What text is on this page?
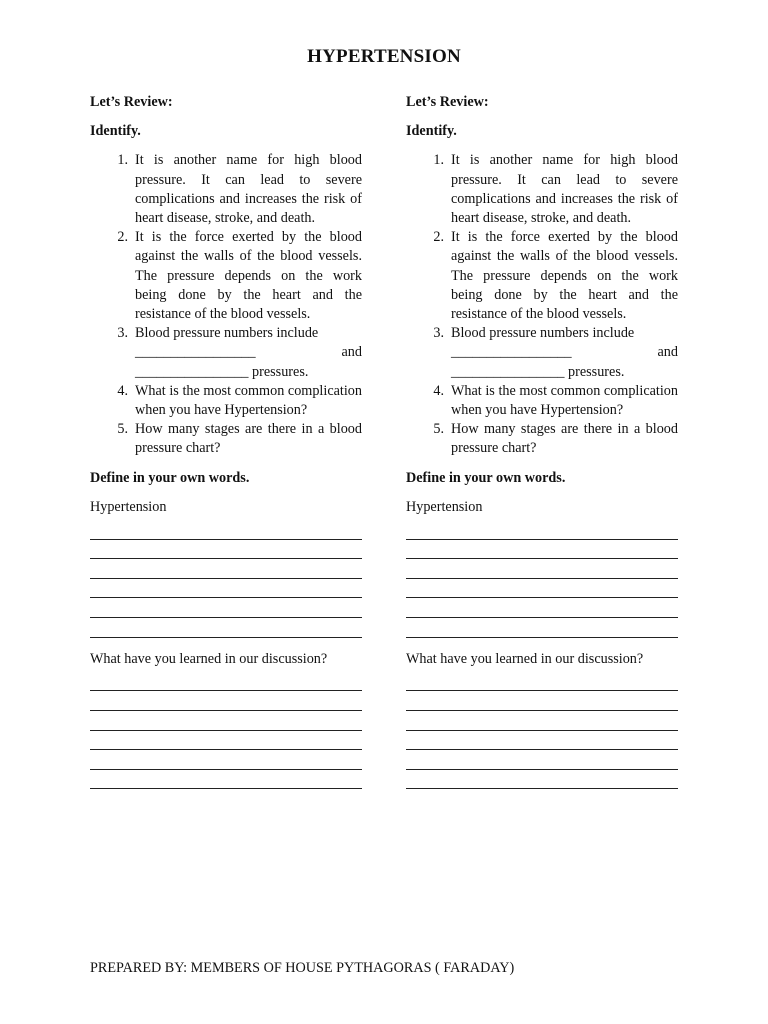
HYPERTENSION
Let’s Review:
Identify.
1. It is another name for high blood pressure. It can lead to severe complications and increases the risk of heart disease, stroke, and death.
2. It is the force exerted by the blood against the walls of the blood vessels. The pressure depends on the work being done by the heart and the resistance of the blood vessels.
3. Blood pressure numbers include
_________________	and
________________ pressures.
4. What is the most common complication when you have Hypertension?
5. How many stages are there in a blood pressure chart?
Define in your own words.
Hypertension
What have you learned in our discussion?
Let’s Review:
Identify.
1. It is another name for high blood pressure. It can lead to severe complications and increases the risk of heart disease, stroke, and death.
2. It is the force exerted by the blood against the walls of the blood vessels. The pressure depends on the work being done by the heart and the resistance of the blood vessels.
3. Blood pressure numbers include
_________________	and
________________ pressures.
4. What is the most common complication when you have Hypertension?
5. How many stages are there in a blood pressure chart?
Define in your own words.
Hypertension
What have you learned in our discussion?
PREPARED BY: MEMBERS OF HOUSE PYTHAGORAS ( FARADAY)
